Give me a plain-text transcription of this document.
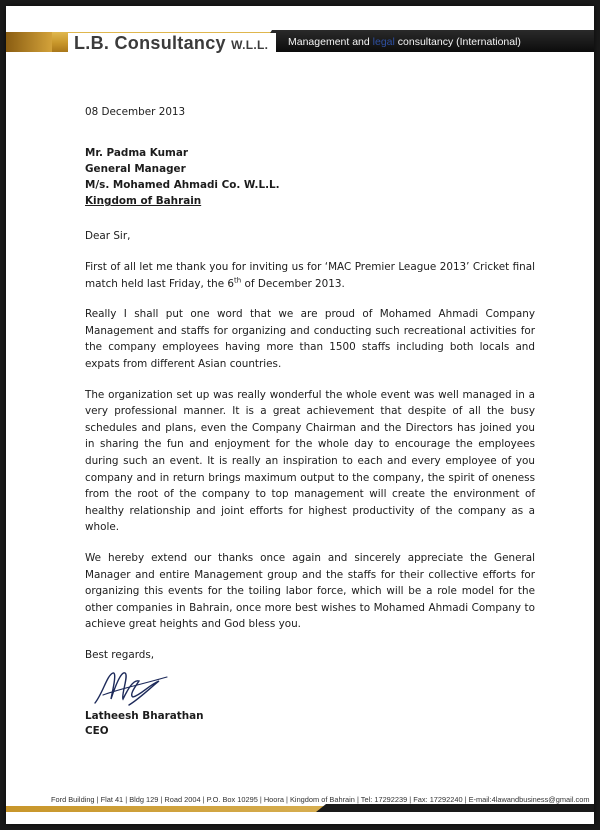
L.B. Consultancy W.L.L.	Management and legal consultancy (International)

08 December 2013

Mr. Padma Kumar
General Manager
M/s. Mohamed Ahmadi Co. W.L.L.
Kingdom of Bahrain

Dear Sir,

First of all let me thank you for inviting us for ‘MAC Premier League 2013’ Cricket final match held last Friday, the 6th of December 2013.

Really I shall put one word that we are proud of Mohamed Ahmadi Company Management and staffs for organizing and conducting such recreational activities for the company employees having more than 1500 staffs including both locals and expats from different Asian countries.

The organization set up was really wonderful the whole event was well managed in a very professional manner. It is a great achievement that despite of all the busy schedules and plans, even the Company Chairman and the Directors has joined you in sharing the fun and enjoyment for the whole day to encourage the employees during such an event. It is really an inspiration to each and every employee of you company and in return brings maximum output to the company, the spirit of oneness from the root of the company to top management will create the environment of healthy relationship and joint efforts for highest productivity of the company as a whole.

We hereby extend our thanks once again and sincerely appreciate the General Manager and entire Management group and the staffs for their collective efforts for organizing this events for the toiling labor force, which will be a role model for the other companies in Bahrain, once more best wishes to Mohamed Ahmadi Company to achieve great heights and God bless you.

Best regards,

Latheesh Bharathan
CEO
Ford Building | Flat 41 | Bldg 129 | Road 2004 | P.O. Box 10295 | Hoora | Kingdom of Bahrain | Tel: 17292239 | Fax: 17292240 | E-mail:4lawandbusiness@gmail.com
